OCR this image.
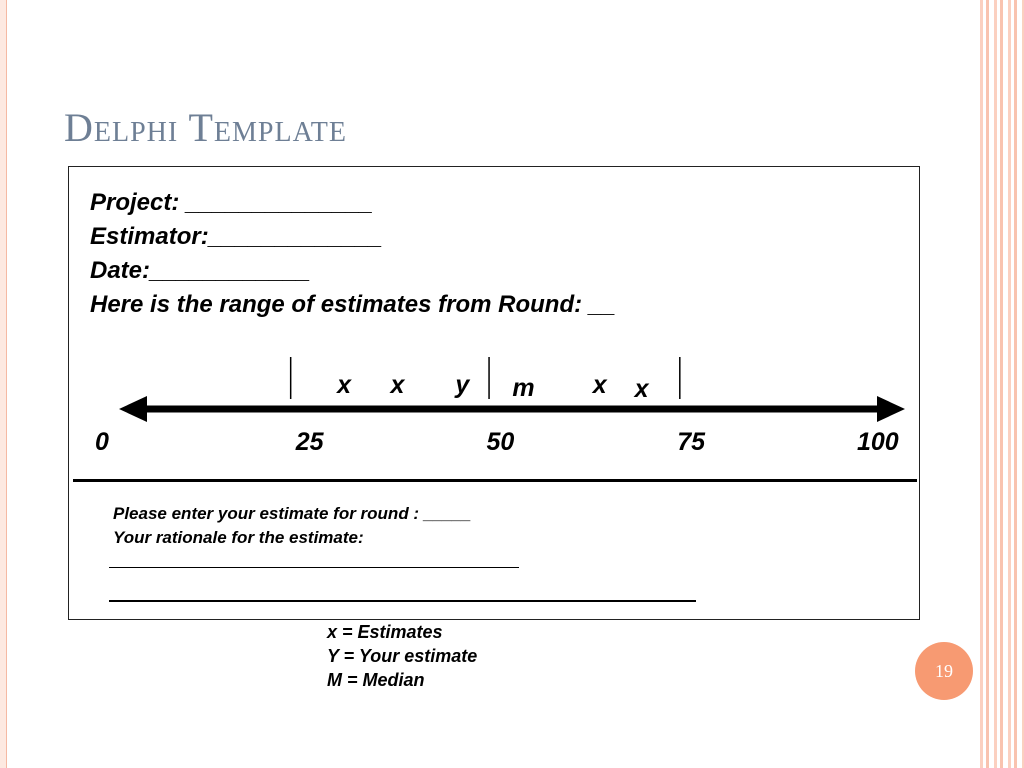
Delphi Template
Project: ______________
Estimator:_____________
Date:____________
Here is the range of estimates from Round: __
Please enter your estimate for round : _____
Your rationale for the estimate:
0	25	50	75	100
x x y m x x
x = Estimates
Y = Your estimate
M = Median	19
